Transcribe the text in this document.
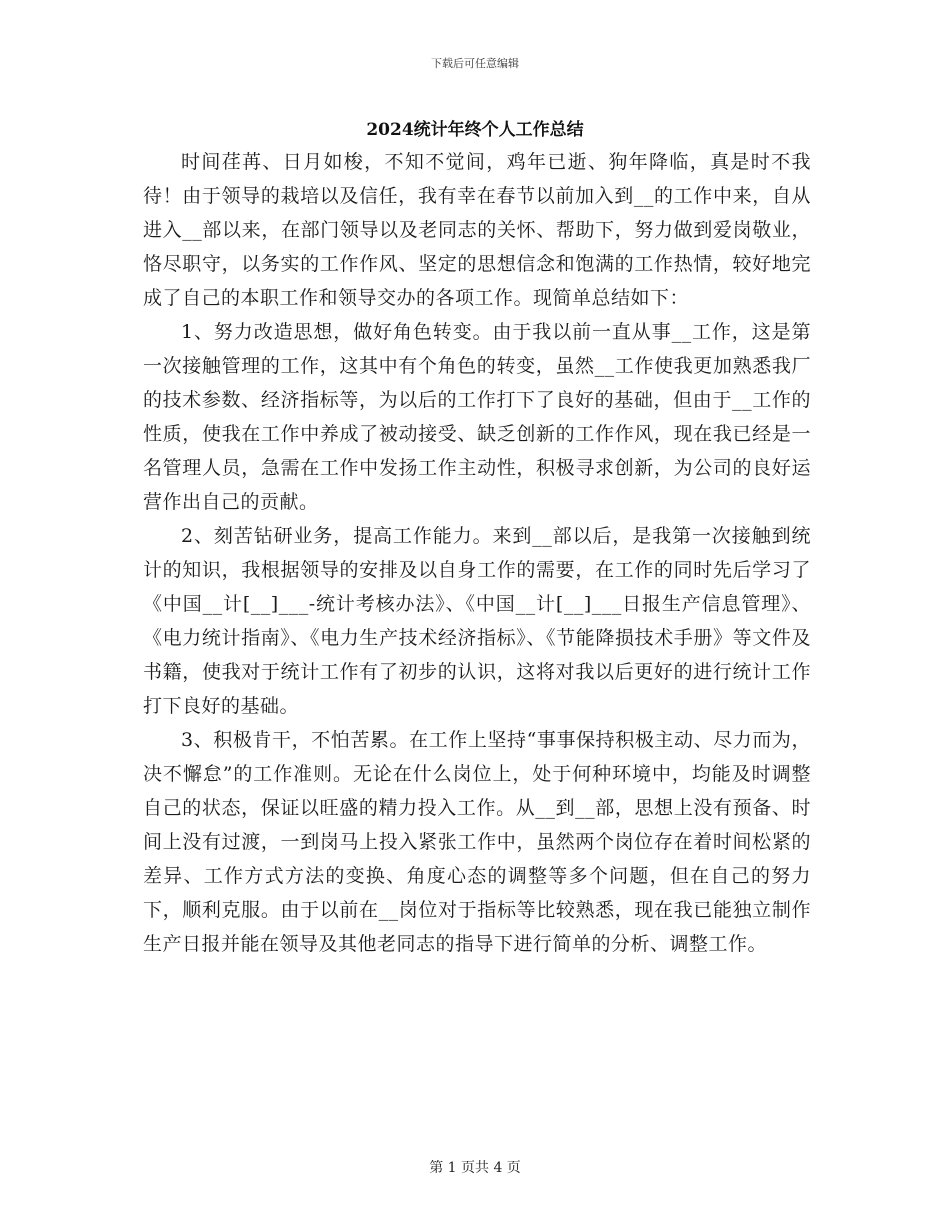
下载后可任意编辑
2024统计年终个人工作总结

时间荏苒、日月如梭，不知不觉间，鸡年已逝、狗年降临，真是时不我待！由于领导的栽培以及信任，我有幸在春节以前加入到__的工作中来，自从进入__部以来，在部门领导以及老同志的关怀、帮助下，努力做到爱岗敬业，恪尽职守，以务实的工作作风、坚定的思想信念和饱满的工作热情，较好地完成了自己的本职工作和领导交办的各项工作。现简单总结如下：

1、努力改造思想，做好角色转变。由于我以前一直从事__工作，这是第一次接触管理的工作，这其中有个角色的转变，虽然__工作使我更加熟悉我厂的技术参数、经济指标等，为以后的工作打下了良好的基础，但由于__工作的性质，使我在工作中养成了被动接受、缺乏创新的工作作风，现在我已经是一名管理人员，急需在工作中发扬工作主动性，积极寻求创新，为公司的良好运营作出自己的贡献。

2、刻苦钻研业务，提高工作能力。来到__部以后，是我第一次接触到统计的知识，我根据领导的安排及以自身工作的需要，在工作的同时先后学习了《中国__计[__]___-统计考核办法》、《中国__计[__]___日报生产信息管理》、《电力统计指南》、《电力生产技术经济指标》、《节能降损技术手册》等文件及书籍，使我对于统计工作有了初步的认识，这将对我以后更好的进行统计工作打下良好的基础。

3、积极肯干，不怕苦累。在工作上坚持“事事保持积极主动、尽力而为，决不懈怠”的工作准则。无论在什么岗位上，处于何种环境中，均能及时调整自己的状态，保证以旺盛的精力投入工作。从__到__部，思想上没有预备、时间上没有过渡，一到岗马上投入紧张工作中，虽然两个岗位存在着时间松紧的差异、工作方式方法的变换、角度心态的调整等多个问题，但在自己的努力下，顺利克服。由于以前在__岗位对于指标等比较熟悉，现在我已能独立制作生产日报并能在领导及其他老同志的指导下进行简单的分析、调整工作。

第 1 页共 4 页
